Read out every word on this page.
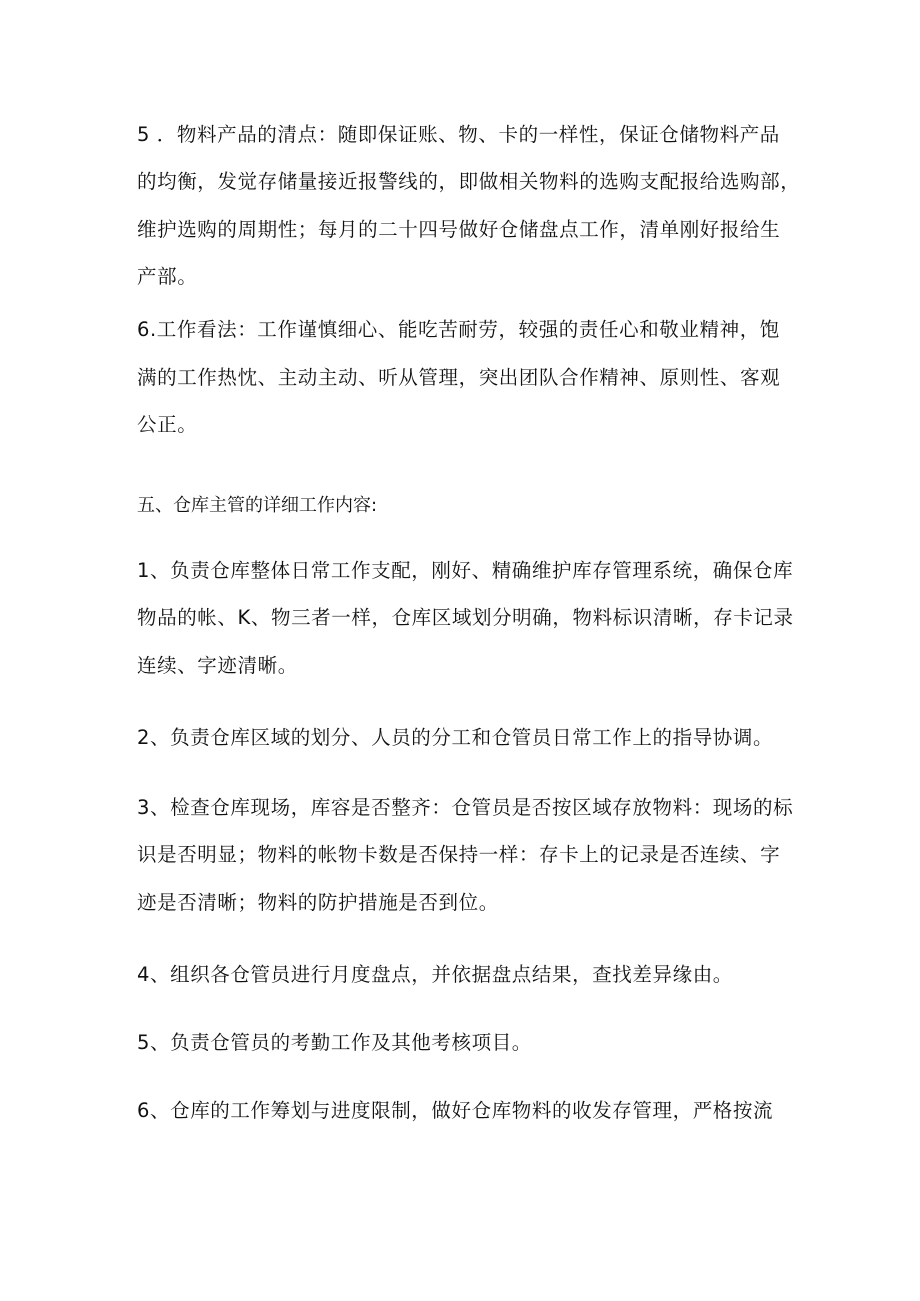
5 ．物料产品的清点：随即保证账、物、卡的一样性，保证仓储物料产品

的均衡，发觉存储量接近报警线的，即做相关物料的选购支配报给选购部，

维护选购的周期性；每月的二十四号做好仓储盘点工作，清单刚好报给生

产部。

6.工作看法：工作谨慎细心、能吃苦耐劳，较强的责任心和敬业精神，饱

满的工作热忱、主动主动、听从管理，突出团队合作精神、原则性、客观

公正。

五、仓库主管的详细工作内容:

1、负责仓库整体日常工作支配，刚好、精确维护库存管理系统，确保仓库

物品的帐、K、物三者一样，仓库区域划分明确，物料标识清晰，存卡记录

连续、字迹清晰。

2、负责仓库区域的划分、人员的分工和仓管员日常工作上的指导协调。

3、检查仓库现场，库容是否整齐：仓管员是否按区域存放物料：现场的标

识是否明显；物料的帐物卡数是否保持一样：存卡上的记录是否连续、字

迹是否清晰；物料的防护措施是否到位。

4、组织各仓管员进行月度盘点，并依据盘点结果，查找差异缘由。

5、负责仓管员的考勤工作及其他考核项目。

6、仓库的工作筹划与进度限制，做好仓库物料的收发存管理，严格按流
